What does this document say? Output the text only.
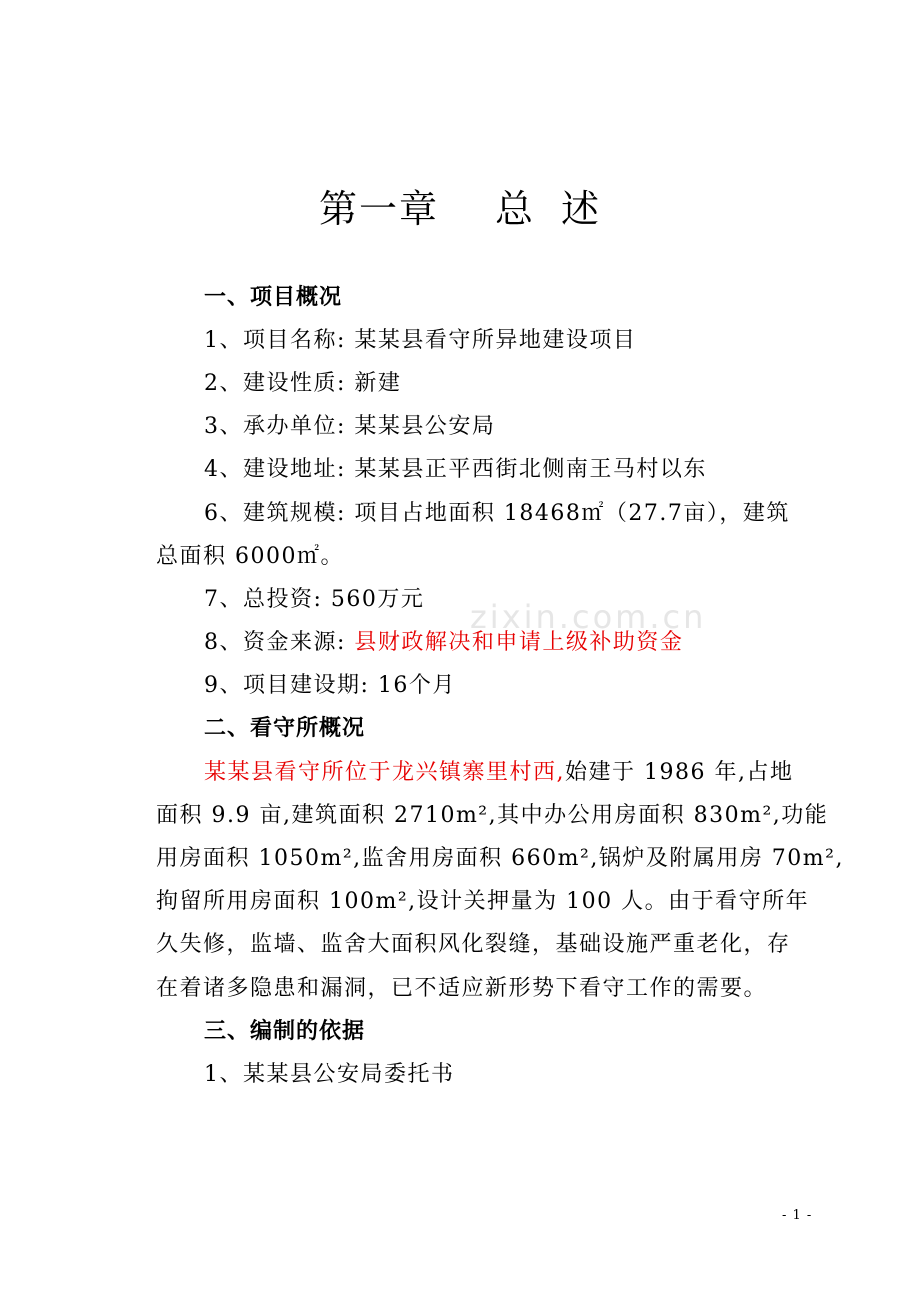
zixin.com.cn
第一章 总 述
一、项目概况
1、项目名称: 某某县看守所异地建设项目
2、建设性质: 新建
3、承办单位: 某某县公安局
4、建设地址: 某某县正平西街北侧南王马村以东
6、建筑规模: 项目占地面积 18468㎡（27.7亩），建筑
总面积 6000㎡。
7、总投资: 560万元
8、资金来源: 县财政解决和申请上级补助资金
9、项目建设期: 16个月
二、看守所概况
某某县看守所位于龙兴镇寨里村西,始建于 1986 年,占地
面积 9.9 亩,建筑面积 2710m²,其中办公用房面积 830m²,功能
用房面积 1050m²,监舍用房面积 660m²,锅炉及附属用房 70m²,
拘留所用房面积 100m²,设计关押量为 100 人。由于看守所年
久失修，监墙、监舍大面积风化裂缝，基础设施严重老化，存
在着诸多隐患和漏洞，已不适应新形势下看守工作的需要。
三、编制的依据
1、某某县公安局委托书
- 1 -
